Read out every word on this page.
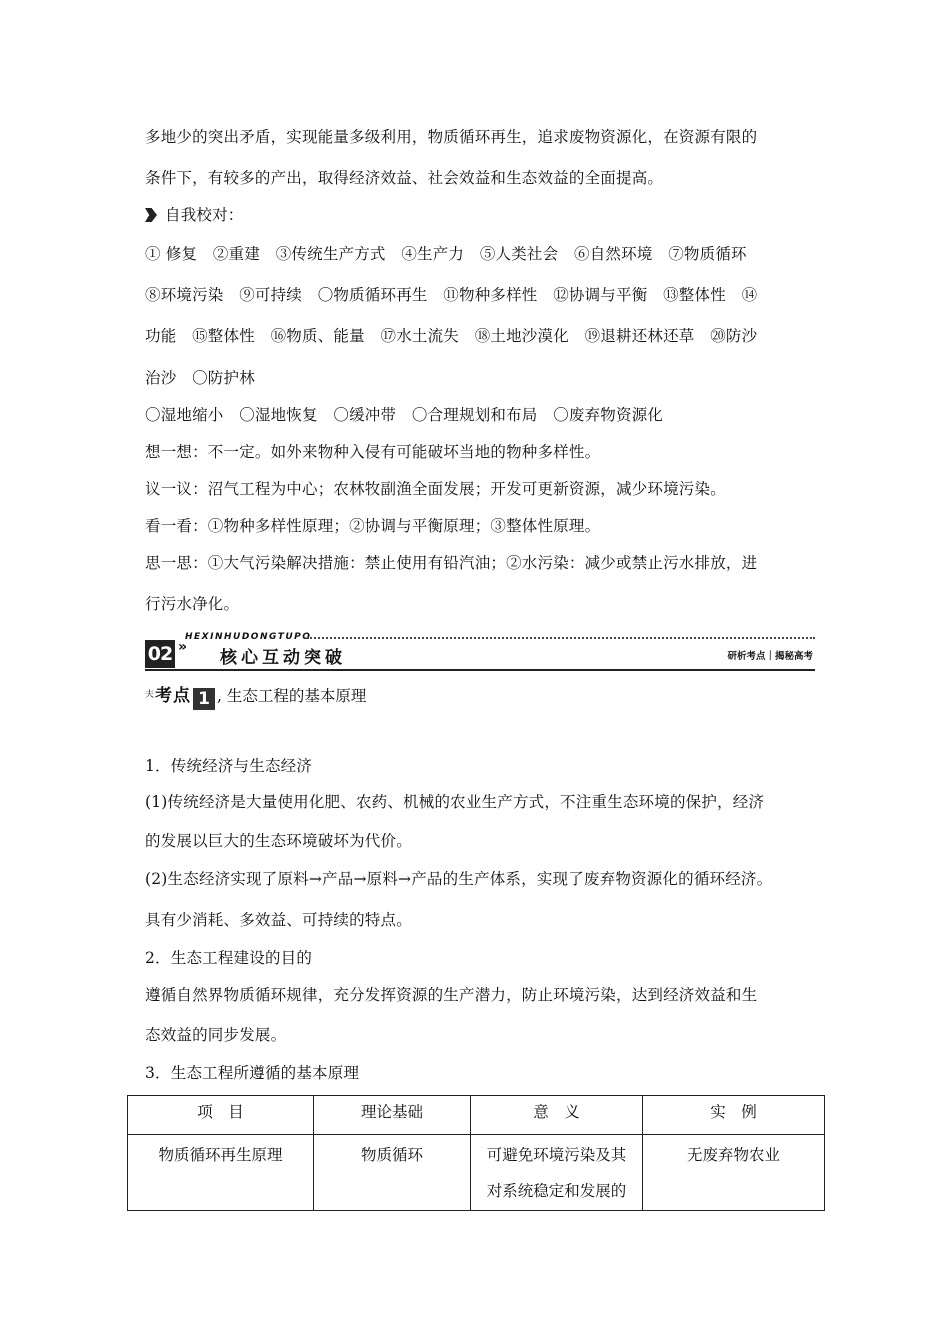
多地少的突出矛盾，实现能量多级利用，物质循环再生，追求废物资源化，在资源有限的
条件下，有较多的产出，取得经济效益、社会效益和生态效益的全面提高。
自我校对：
① 修复　②重建　③传统生产方式　④生产力　⑤人类社会　⑥自然环境　⑦物质循环
⑧环境污染　⑨可持续　〇物质循环再生　⑪物种多样性　⑫协调与平衡　⑬整体性　⑭
功能　⑮整体性　⑯物质、能量　⑰水土流失　⑱土地沙漠化　⑲退耕还林还草　⑳防沙
治沙　〇防护林
〇湿地缩小　〇湿地恢复　〇缓冲带　〇合理规划和布局　〇废弃物资源化
想一想：不一定。如外来物种入侵有可能破坏当地的物种多样性。
议一议：沼气工程为中心；农林牧副渔全面发展；开发可更新资源，减少环境污染。
看一看：①物种多样性原理；②协调与平衡原理；③整体性原理。
思一思：①大气污染解决措施：禁止使用有铅汽油；②水污染：减少或禁止污水排放，进
行污水净化。
HEXINHUDONGTUPO
02 »
核心互动突破	研析考点｜揭秘高考
$^夫$考点 1 , 生态工程的基本原理
1．传统经济与生态经济
(1)传统经济是大量使用化肥、农药、机械的农业生产方式，不注重生态环境的保护，经济
的发展以巨大的生态环境破坏为代价。
(2)生态经济实现了原料→产品→原料→产品的生产体系，实现了废弃物资源化的循环经济。
具有少消耗、多效益、可持续的特点。
2．生态工程建设的目的
遵循自然界物质循环规律，充分发挥资源的生产潜力，防止环境污染，达到经济效益和生
态效益的同步发展。
3．生态工程所遵循的基本原理
项　目	理论基础	意　义	实　例
物质循环再生原理	物质循环	可避免环境污染及其
对系统稳定和发展的	无废弃物农业
